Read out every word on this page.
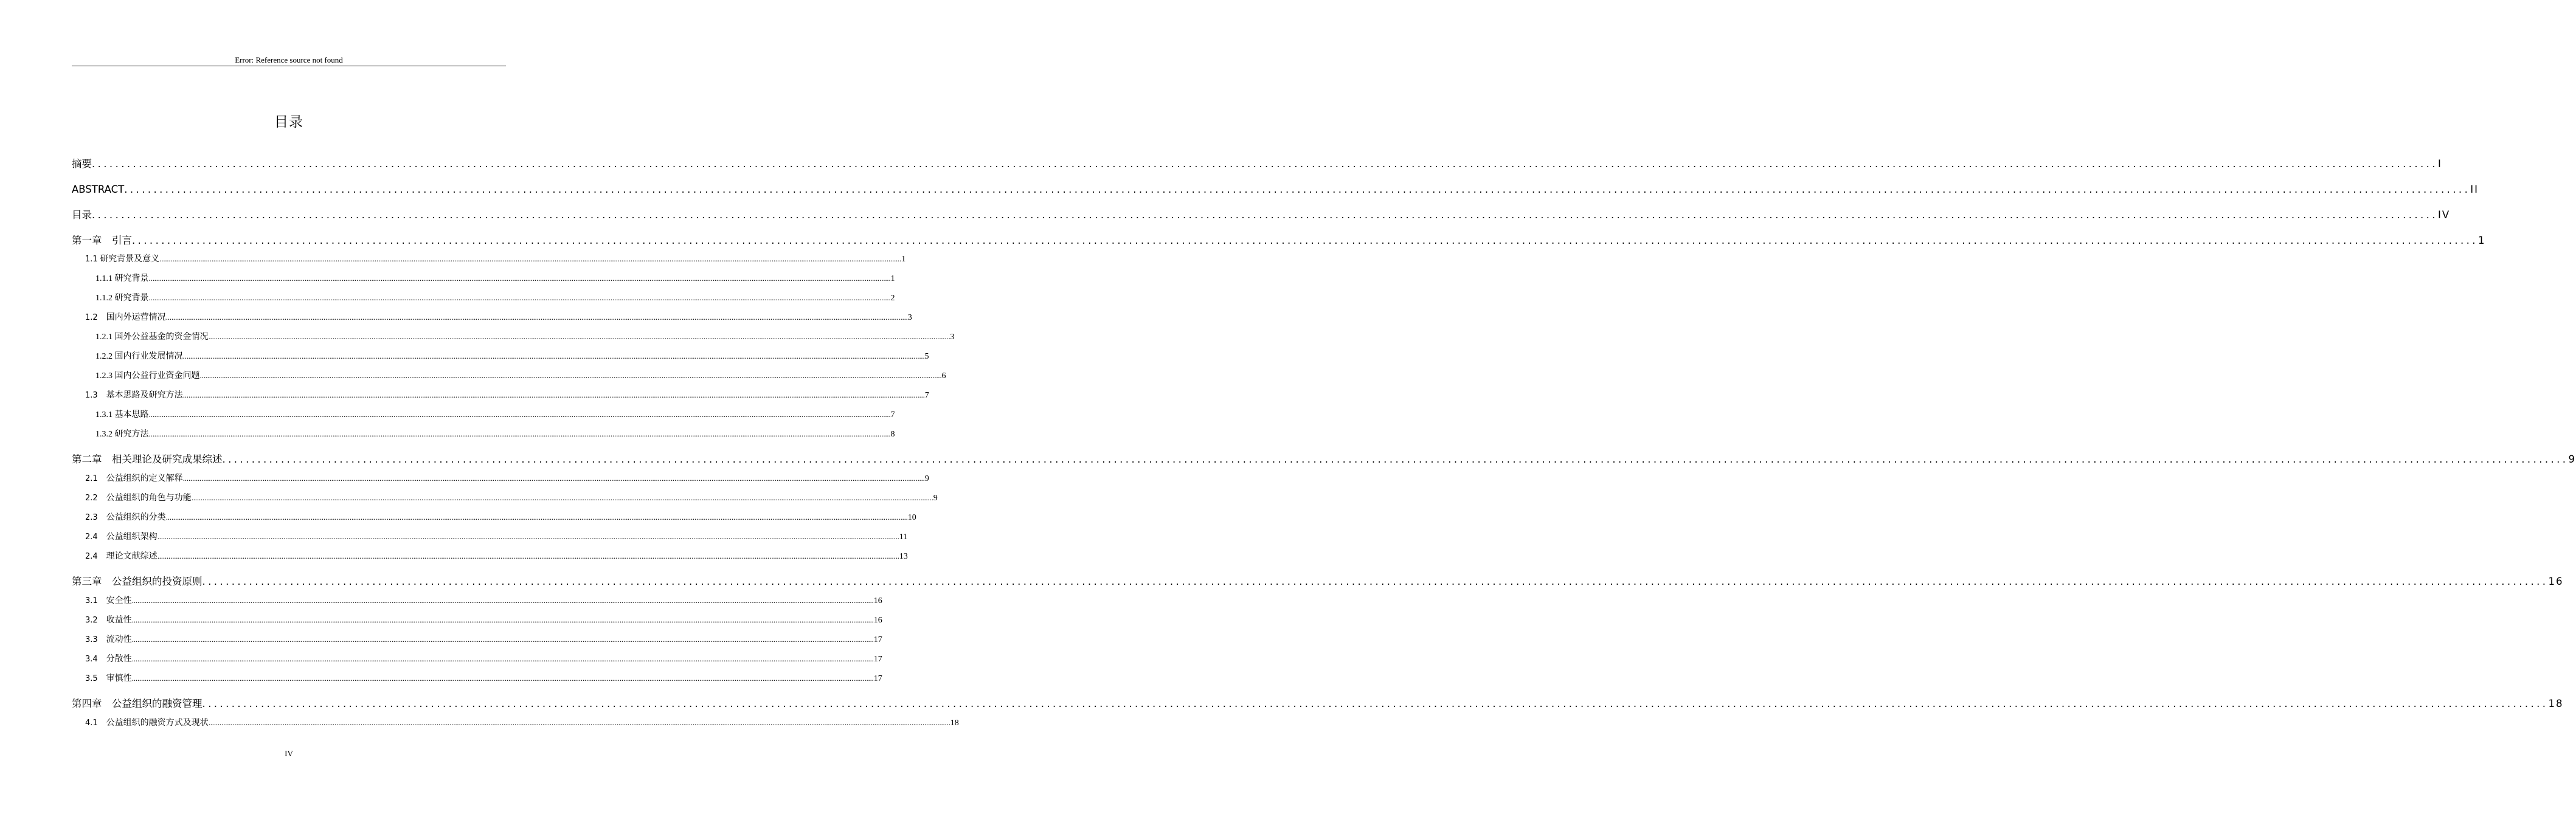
Error: Reference source not found
目录
摘要 ................................................................................................................................................................................................................................................................................................................................................................................................................ I
ABSTRACT ................................................................................................................................................................................................................................................................................................................................................................................................................ II
目录 ................................................................................................................................................................................................................................................................................................................................................................................................................ IV
第一章　引言 ................................................................................................................................................................................................................................................................................................................................................................................................................ 1
1.1 研究背景及意义 ................................................................................................................................................................................................................................................................................................................................................................................................................ 1
1.1.1 研究背景 ................................................................................................................................................................................................................................................................................................................................................................................................................ 1
1.1.2 研究背景 ................................................................................................................................................................................................................................................................................................................................................................................................................ 2
1.2　国内外运营情况 ................................................................................................................................................................................................................................................................................................................................................................................................................ 3
1.2.1 国外公益基金的资金情况 ................................................................................................................................................................................................................................................................................................................................................................................................................ 3
1.2.2 国内行业发展情况 ................................................................................................................................................................................................................................................................................................................................................................................................................ 5
1.2.3 国内公益行业资金问题 ................................................................................................................................................................................................................................................................................................................................................................................................................ 6
1.3　基本思路及研究方法 ................................................................................................................................................................................................................................................................................................................................................................................................................ 7
1.3.1 基本思路 ................................................................................................................................................................................................................................................................................................................................................................................................................ 7
1.3.2 研究方法 ................................................................................................................................................................................................................................................................................................................................................................................................................ 8
第二章　相关理论及研究成果综述 ................................................................................................................................................................................................................................................................................................................................................................................................................ 9
2.1　公益组织的定义解释 ................................................................................................................................................................................................................................................................................................................................................................................................................ 9
2.2　公益组织的角色与功能 ................................................................................................................................................................................................................................................................................................................................................................................................................ 9
2.3　公益组织的分类 ................................................................................................................................................................................................................................................................................................................................................................................................................ 10
2.4　公益组织架构 ................................................................................................................................................................................................................................................................................................................................................................................................................ 11
2.4　理论文献综述 ................................................................................................................................................................................................................................................................................................................................................................................................................ 13
第三章　公益组织的投资原则 ................................................................................................................................................................................................................................................................................................................................................................................................................ 16
3.1　安全性 ................................................................................................................................................................................................................................................................................................................................................................................................................ 16
3.2　收益性 ................................................................................................................................................................................................................................................................................................................................................................................................................ 16
3.3　流动性 ................................................................................................................................................................................................................................................................................................................................................................................................................ 17
3.4　分散性 ................................................................................................................................................................................................................................................................................................................................................................................................................ 17
3.5　审慎性 ................................................................................................................................................................................................................................................................................................................................................................................................................ 17
第四章　公益组织的融资管理 ................................................................................................................................................................................................................................................................................................................................................................................................................ 18
4.1　公益组织的融资方式及现状 ................................................................................................................................................................................................................................................................................................................................................................................................................ 18
IV
